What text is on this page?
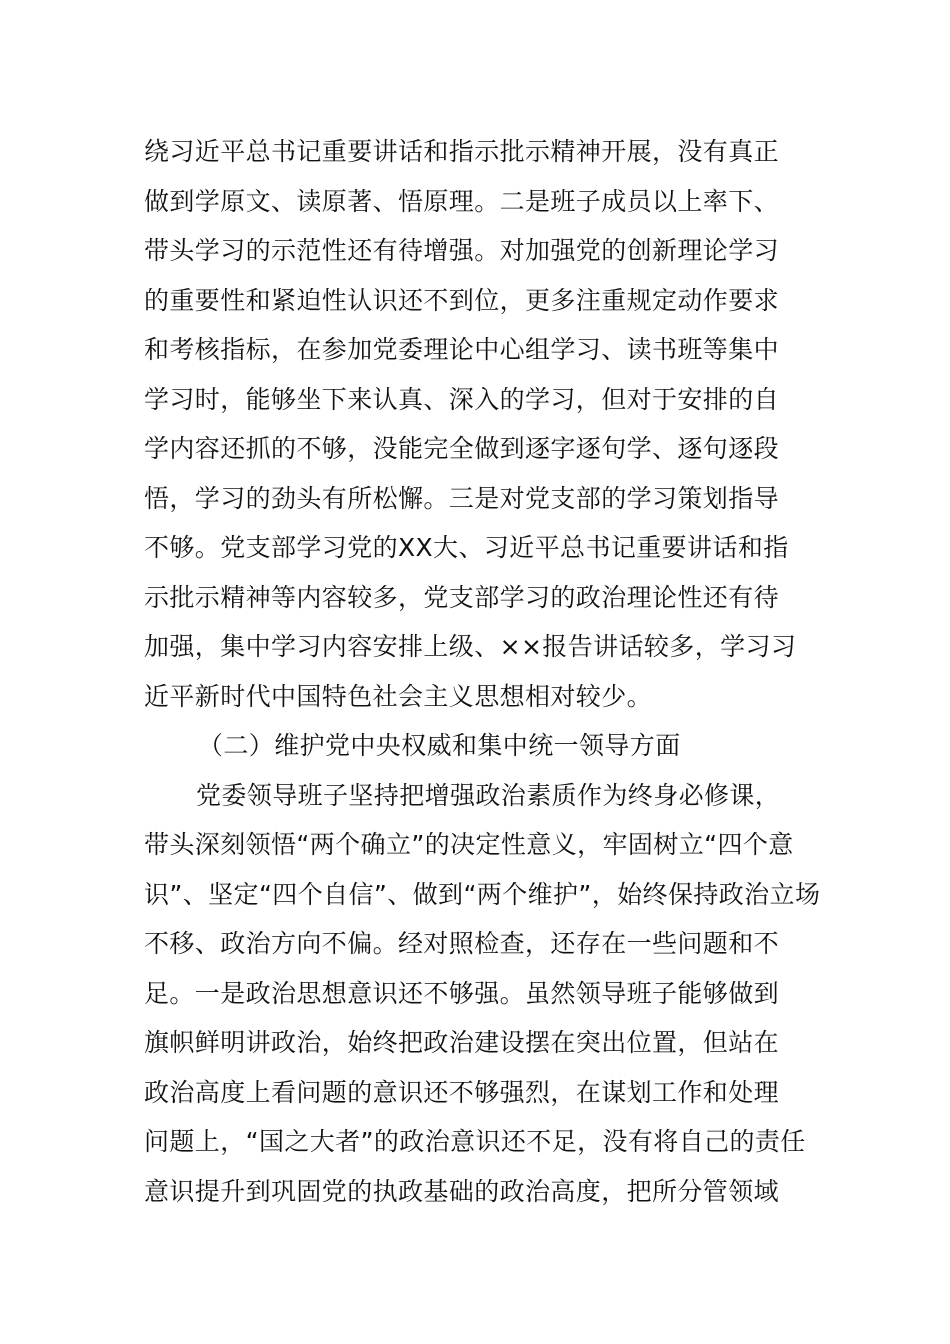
绕习近平总书记重要讲话和指示批示精神开展，没有真正
做到学原文、读原著、悟原理。二是班子成员以上率下、
带头学习的示范性还有待增强。对加强党的创新理论学习
的重要性和紧迫性认识还不到位，更多注重规定动作要求
和考核指标，在参加党委理论中心组学习、读书班等集中
学习时，能够坐下来认真、深入的学习，但对于安排的自
学内容还抓的不够，没能完全做到逐字逐句学、逐句逐段
悟，学习的劲头有所松懈。三是对党支部的学习策划指导
不够。党支部学习党的XX大、习近平总书记重要讲话和指
示批示精神等内容较多，党支部学习的政治理论性还有待
加强，集中学习内容安排上级、××报告讲话较多，学习习
近平新时代中国特色社会主义思想相对较少。
（二）维护党中央权威和集中统一领导方面
党委领导班子坚持把增强政治素质作为终身必修课，
带头深刻领悟“两个确立”的决定性意义，牢固树立“四个意
识”、坚定“四个自信”、做到“两个维护”，始终保持政治立场
不移、政治方向不偏。经对照检查，还存在一些问题和不
足。一是政治思想意识还不够强。虽然领导班子能够做到
旗帜鲜明讲政治，始终把政治建设摆在突出位置，但站在
政治高度上看问题的意识还不够强烈，在谋划工作和处理
问题上，“国之大者”的政治意识还不足，没有将自己的责任
意识提升到巩固党的执政基础的政治高度，把所分管领域
